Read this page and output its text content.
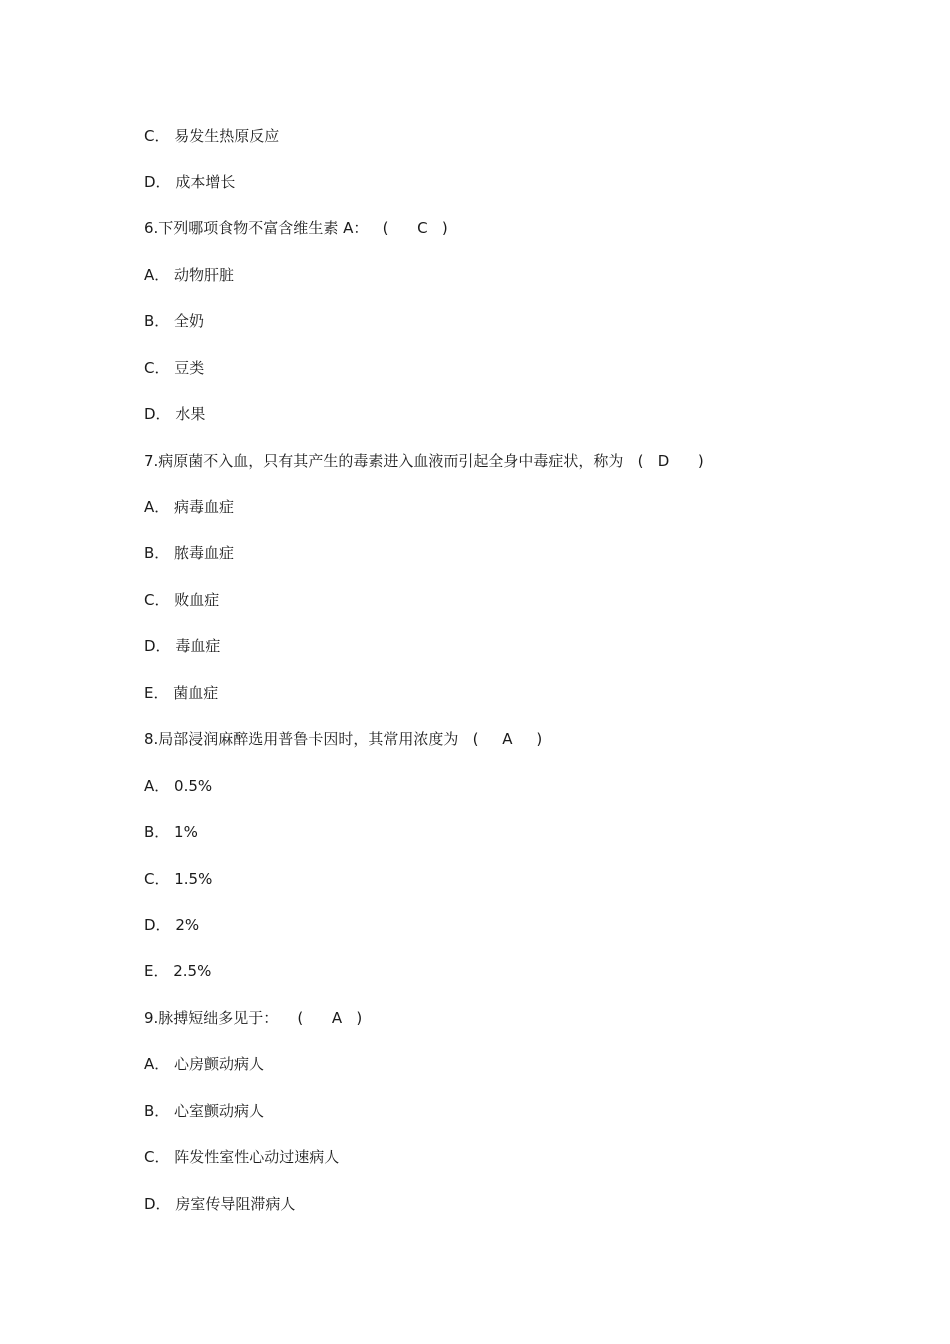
C． 易发生热原反应
D． 成本增长
6.下列哪项食物不富含维生素 A：   (      C   )
A． 动物肝脏
B． 全奶
C． 豆类
D． 水果
7.病原菌不入血，只有其产生的毒素进入血液而引起全身中毒症状，称为   (   D      )
A． 病毒血症
B． 脓毒血症
C． 败血症
D． 毒血症
E． 菌血症
8.局部浸润麻醉选用普鲁卡因时，其常用浓度为   (     A     )
A． 0.5%
B． 1%
C． 1.5%
D． 2%
E． 2.5%
9.脉搏短绌多见于：    (      A   )
A． 心房颤动病人
B． 心室颤动病人
C． 阵发性室性心动过速病人
D． 房室传导阻滞病人
